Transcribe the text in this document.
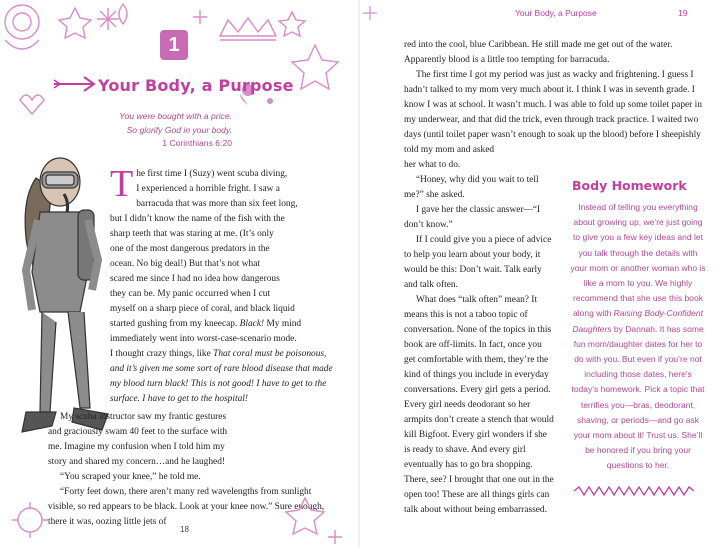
1
Your Body, a Purpose
You were bought with a price.
So glorify God in your body.
1 Corinthians 6:20

T he first time I (Suzy) went scuba diving,
I experienced a horrible fright. I saw a
barracuda that was more than six feet long,
but I didn’t know the name of the fish with the
sharp teeth that was staring at me. (It’s only
one of the most dangerous predators in the
ocean. No big deal!) But that’s not what
scared me since I had no idea how dangerous
they can be. My panic occurred when I cut
myself on a sharp piece of coral, and black liquid
started gushing from my kneecap. Black! My mind
immediately went into worst-case-scenario mode.
I thought crazy things, like That coral must be poisonous, and it’s given me some sort of rare blood disease that made my blood turn black! This is not good! I have to get to the surface. I have to get to the hospital!

My scuba instructor saw my frantic gestures

and graciously swam 40 feet to the surface with

me. Imagine my confusion when I told him my

story and shared my concern…and he laughed!

“You scraped your knee,” he told me.

“Forty feet down, there aren’t many red wavelengths from sunlight visible, so red appears to be black. Look at your knee now.” Sure enough, there it was, oozing little jets of

18
Your Body, a Purpose	19

red into the cool, blue Caribbean. He still made me get out of the water. Apparently blood is a little too tempting for barracuda.

The first time I got my period was just as wacky and frightening. I guess I hadn’t talked to my mom very much about it. I think I was in seventh grade. I know I was at school. It wasn’t much. I was able to fold up some toilet paper in my underwear, and that did the trick, even through track practice. I waited two days (until toilet paper wasn’t enough to soak up the blood) before I sheepishly told my mom and asked

her what to do.

“Honey, why did you wait to tell me?” she asked.

I gave her the classic answer—“I don’t know.”

If I could give you a piece of advice to help you learn about your body, it would be this: Don’t wait. Talk early and talk often.

What does “talk often” mean? It means this is not a taboo topic of conversation. None of the topics in this book are off-limits. In fact, once you get comfortable with them, they’re the kind of things you include in everyday conversations. Every girl gets a period. Every girl needs deodorant so her armpits don’t create a stench that would kill Bigfoot. Every girl wonders if she is ready to shave. And every girl eventually has to go bra shopping. There, see? I brought that one out in the open too! These are all things girls can talk about without being embarrassed.

Body Homework
Instead of telling you everything about growing up, we’re just going to give you a few key ideas and let you talk through the details with your mom or another woman who is like a mom to you. We highly recommend that she use this book along with Raising Body-Confident Daughters by Dannah. It has some fun mom/daughter dates for her to do with you. But even if you’re not including those dates, here’s today’s homework. Pick a topic that terrifies you—bras, deodorant, shaving, or periods—and go ask your mom about it! Trust us. She’ll be honored if you bring your questions to her.
